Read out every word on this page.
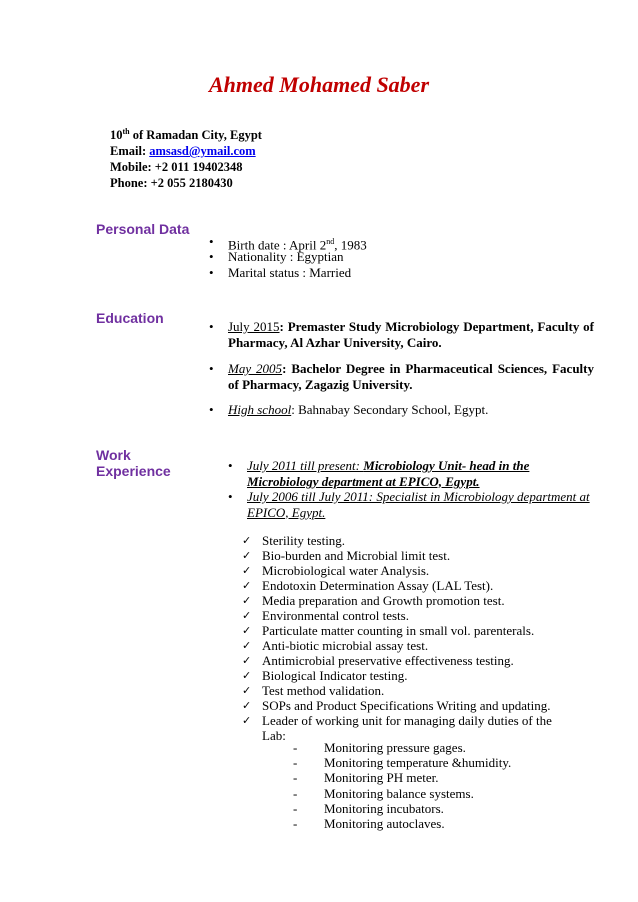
Ahmed Mohamed Saber
10th of Ramadan City, Egypt
Email: amsasd@ymail.com
Mobile: +2 011 19402348
Phone: +2 055 2180430
Personal Data
• Birth date : April 2nd, 1983
• Nationality : Egyptian
• Marital status : Married
Education
• July 2015: Premaster Study Microbiology Department, Faculty of Pharmacy, Al Azhar University, Cairo.
• May 2005: Bachelor Degree in Pharmaceutical Sciences, Faculty of Pharmacy, Zagazig University.
• High school: Bahnabay Secondary School, Egypt.
Work
Experience	• July 2011 till present: Microbiology Unit- head in the Microbiology department at EPICO, Egypt.
• July 2006 till July 2011: Specialist in Microbiology department at EPICO, Egypt.
✓ Sterility testing.
✓ Bio-burden and Microbial limit test.
✓ Microbiological water Analysis.
✓ Endotoxin Determination Assay (LAL Test).
✓ Media preparation and Growth promotion test.
✓ Environmental control tests.
✓ Particulate matter counting in small vol. parenterals.
✓ Anti-biotic microbial assay test.
✓ Antimicrobial preservative effectiveness testing.
✓ Biological Indicator testing.
✓ Test method validation.
✓ SOPs and Product Specifications Writing and updating.
✓ Leader of working unit for managing daily duties of the
Lab:
- Monitoring pressure gages.
- Monitoring temperature &humidity.
- Monitoring PH meter.
- Monitoring balance systems.
- Monitoring incubators.
- Monitoring autoclaves.
